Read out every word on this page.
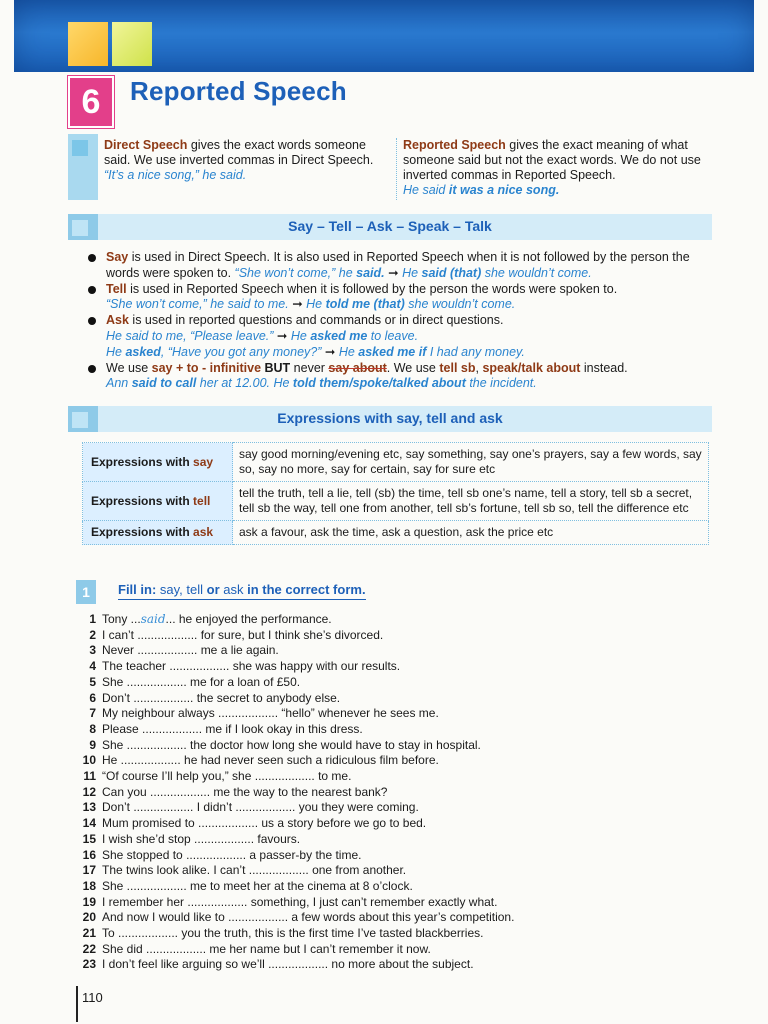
6	Reported Speech
Direct Speech gives the exact words someone said. We use inverted commas in Direct Speech.
“It’s a nice song,” he said.
Reported Speech gives the exact meaning of what someone said but not the exact words. We do not use inverted commas in Reported Speech.
He said it was a nice song.
Say – Tell – Ask – Speak – Talk
Say is used in Direct Speech. It is also used in Reported Speech when it is not followed by the person the words were spoken to. “She won’t come,” he said. ➞ He said (that) she wouldn’t come.
Tell is used in Reported Speech when it is followed by the person the words were spoken to.
“She won’t come,” he said to me. ➞ He told me (that) she wouldn’t come.
Ask is used in reported questions and commands or in direct questions.
He said to me, “Please leave.” ➞ He asked me to leave.
He asked, “Have you got any money?” ➞ He asked me if I had any money.
We use say + to - infinitive BUT never say about. We use tell sb, speak/talk about instead.
Ann said to call her at 12.00. He told them/spoke/talked about the incident.
Expressions with say, tell and ask
Expressions with say	say good morning/evening etc, say something, say one’s prayers, say a few words, say so, say no more, say for certain, say for sure etc
Expressions with tell	tell the truth, tell a lie, tell (sb) the time, tell sb one’s name, tell a story, tell sb a secret, tell sb the way, tell one from another, tell sb’s fortune, tell sb so, tell the difference etc
Expressions with ask	ask a favour, ask the time, ask a question, ask the price etc
1	Fill in: say, tell or ask in the correct form.
1 Tony ...said... he enjoyed the performance.
2 I can’t .................. for sure, but I think she’s divorced.
3 Never .................. me a lie again.
4 The teacher .................. she was happy with our results.
5 She .................. me for a loan of £50.
6 Don’t .................. the secret to anybody else.
7 My neighbour always .................. “hello” whenever he sees me.
8 Please .................. me if I look okay in this dress.
9 She .................. the doctor how long she would have to stay in hospital.
10 He .................. he had never seen such a ridiculous film before.
11 “Of course I’ll help you,” she .................. to me.
12 Can you .................. me the way to the nearest bank?
13 Don’t .................. I didn’t .................. you they were coming.
14 Mum promised to .................. us a story before we go to bed.
15 I wish she’d stop .................. favours.
16 She stopped to .................. a passer-by the time.
17 The twins look alike. I can’t .................. one from another.
18 She .................. me to meet her at the cinema at 8 o’clock.
19 I remember her .................. something, I just can’t remember exactly what.
20 And now I would like to .................. a few words about this year’s competition.
21 To .................. you the truth, this is the first time I’ve tasted blackberries.
22 She did .................. me her name but I can’t remember it now.
23 I don’t feel like arguing so we’ll .................. no more about the subject.
110
